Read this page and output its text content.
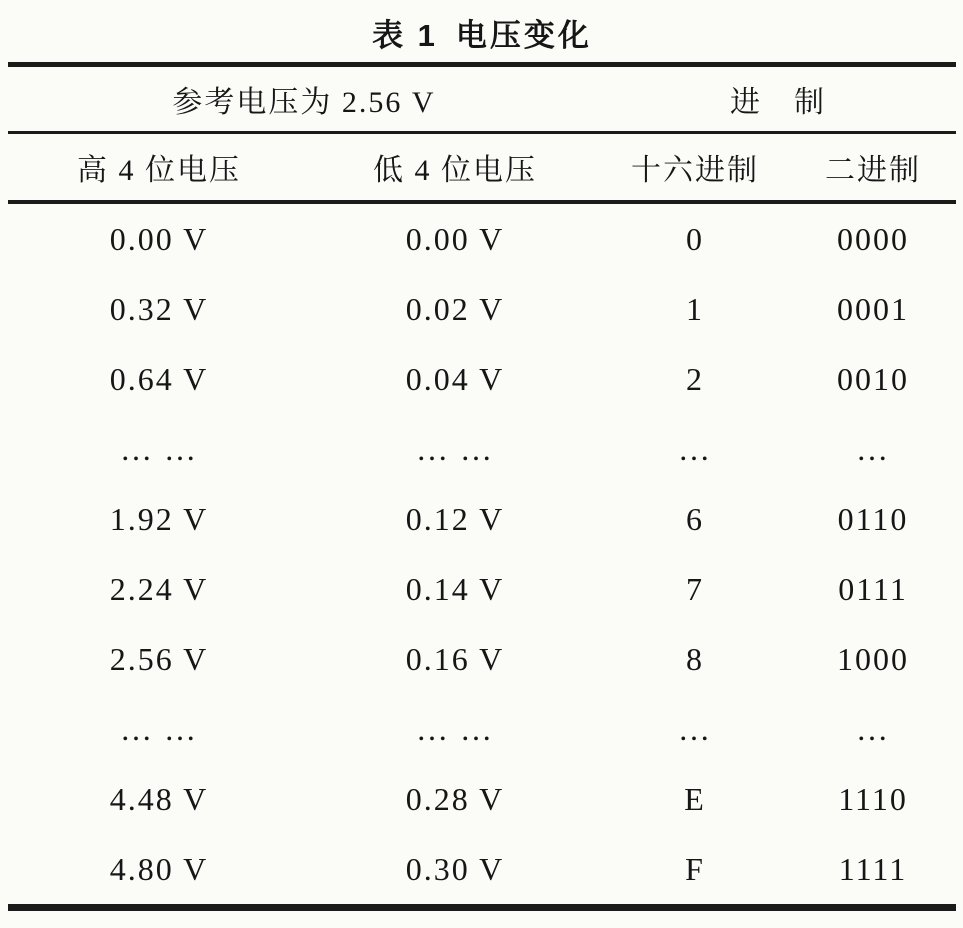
表 1 电压变化
参考电压为 2.56 V	进　制
高 4 位电压	低 4 位电压	十六进制	二进制
0.00 V	0.00 V	0	0000
0.32 V	0.02 V	1	0001
0.64 V	0.04 V	2	0010
… …	… …	…	…
1.92 V	0.12 V	6	0110
2.24 V	0.14 V	7	0111
2.56 V	0.16 V	8	1000
… …	… …	…	…
4.48 V	0.28 V	E	1110
4.80 V	0.30 V	F	1111
